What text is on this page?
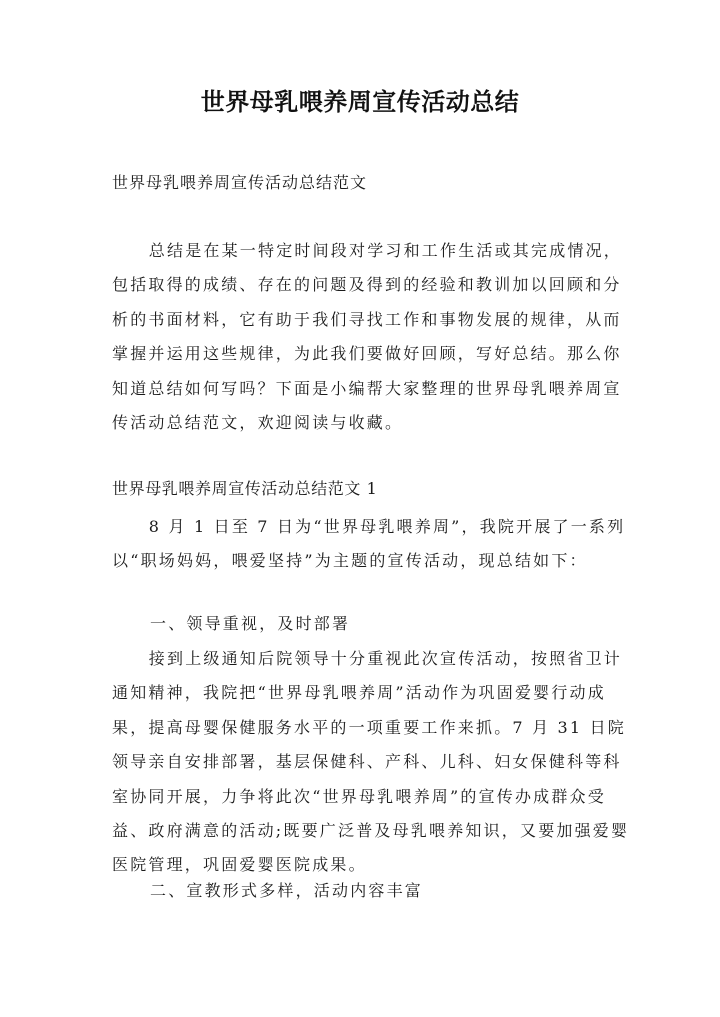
世界母乳喂养周宣传活动总结
世界母乳喂养周宣传活动总结范文

总结是在某一特定时间段对学习和工作生活或其完成情况，包括取得的成绩、存在的问题及得到的经验和教训加以回顾和分析的书面材料，它有助于我们寻找工作和事物发展的规律，从而掌握并运用这些规律，为此我们要做好回顾，写好总结。那么你知道总结如何写吗？下面是小编帮大家整理的世界母乳喂养周宣传活动总结范文，欢迎阅读与收藏。

世界母乳喂养周宣传活动总结范文 1

8 月 1 日至 7 日为“世界母乳喂养周”，我院开展了一系列以“职场妈妈，喂爱坚持”为主题的宣传活动，现总结如下：

一、领导重视，及时部署

接到上级通知后院领导十分重视此次宣传活动，按照省卫计通知精神，我院把“世界母乳喂养周”活动作为巩固爱婴行动成果，提高母婴保健服务水平的一项重要工作来抓。7 月 31 日院领导亲自安排部署，基层保健科、产科、儿科、妇女保健科等科室协同开展，力争将此次“世界母乳喂养周”的宣传办成群众受益、政府满意的活动;既要广泛普及母乳喂养知识，又要加强爱婴医院管理，巩固爱婴医院成果。

二、宣教形式多样，活动内容丰富
